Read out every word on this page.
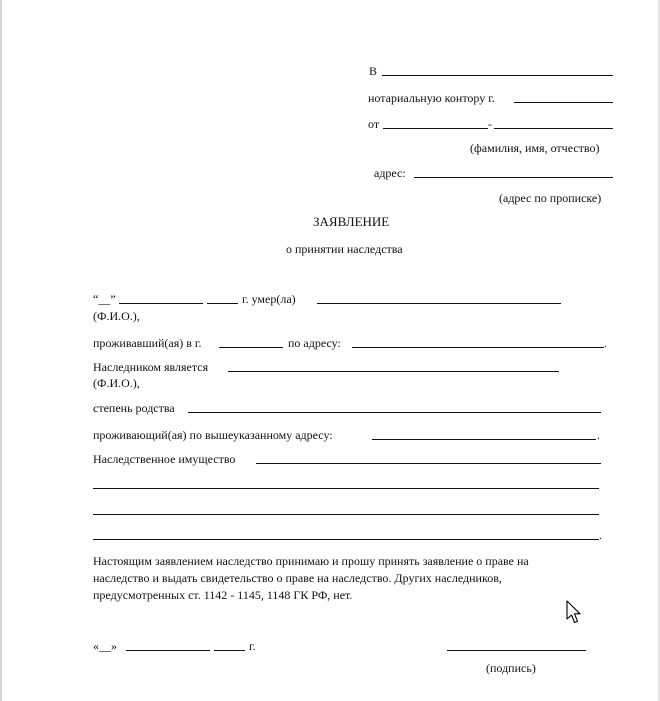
В
нотариальную контору г.
от	-
(фамилия, имя, отчество)
адрес:
(адрес по прописке)
ЗАЯВЛЕНИЕ
о принятии наследства
“__”	г. умер(ла)
(Ф.И.О.),
проживавший(ая) в г.	по адресу:	.
Наследником является
(Ф.И.О.),
степень родства
проживающий(ая) по вышеуказанному адресу:	.
Наследственное имущество
.
Настоящим заявлением наследство принимаю и прошу принять заявление о праве на
наследство и выдать свидетельство о праве на наследство. Других наследников,
предусмотренных ст. 1142 - 1145, 1148 ГК РФ, нет.
«__»	г.
(подпись)
